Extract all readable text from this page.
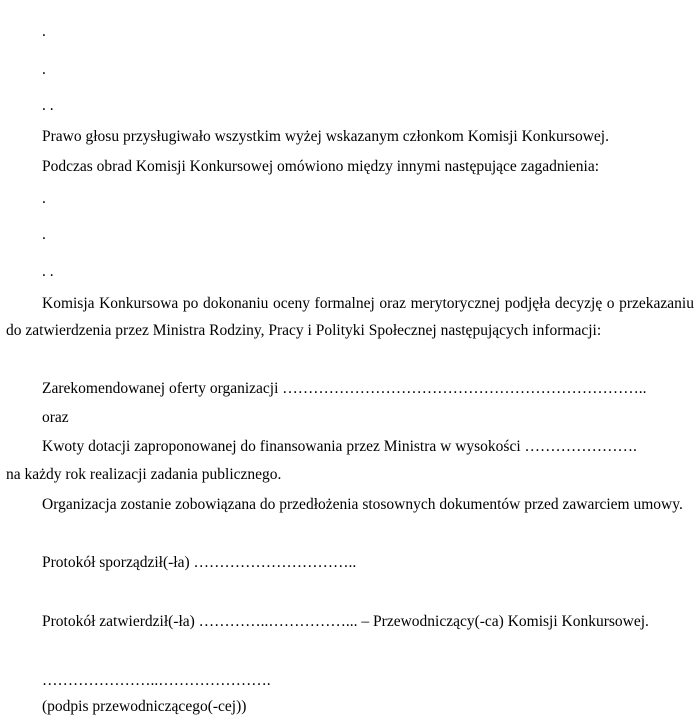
.
.
. .
Prawo głosu przysługiwało wszystkim wyżej wskazanym członkom Komisji Konkursowej.
Podczas obrad Komisji Konkursowej omówiono między innymi następujące zagadnienia:
.
.
. .
Komisja Konkursowa po dokonaniu oceny formalnej oraz merytorycznej podjęła decyzję o przekazaniu do zatwierdzenia przez Ministra Rodziny, Pracy i Polityki Społecznej następujących informacji:
Zarekomendowanej oferty organizacji ……………………………………………………………..
oraz
Kwoty dotacji zaproponowanej do finansowania przez Ministra w wysokości ………………….
na każdy rok realizacji zadania publicznego.
Organizacja zostanie zobowiązana do przedłożenia stosownych dokumentów przed zawarciem umowy.
Protokół sporządził(-ła) …………………………..
Protokół zatwierdził(-ła) …………..……………... – Przewodniczący(-ca) Komisji Konkursowej.
…………………..………………….
(podpis przewodniczącego(-cej))
